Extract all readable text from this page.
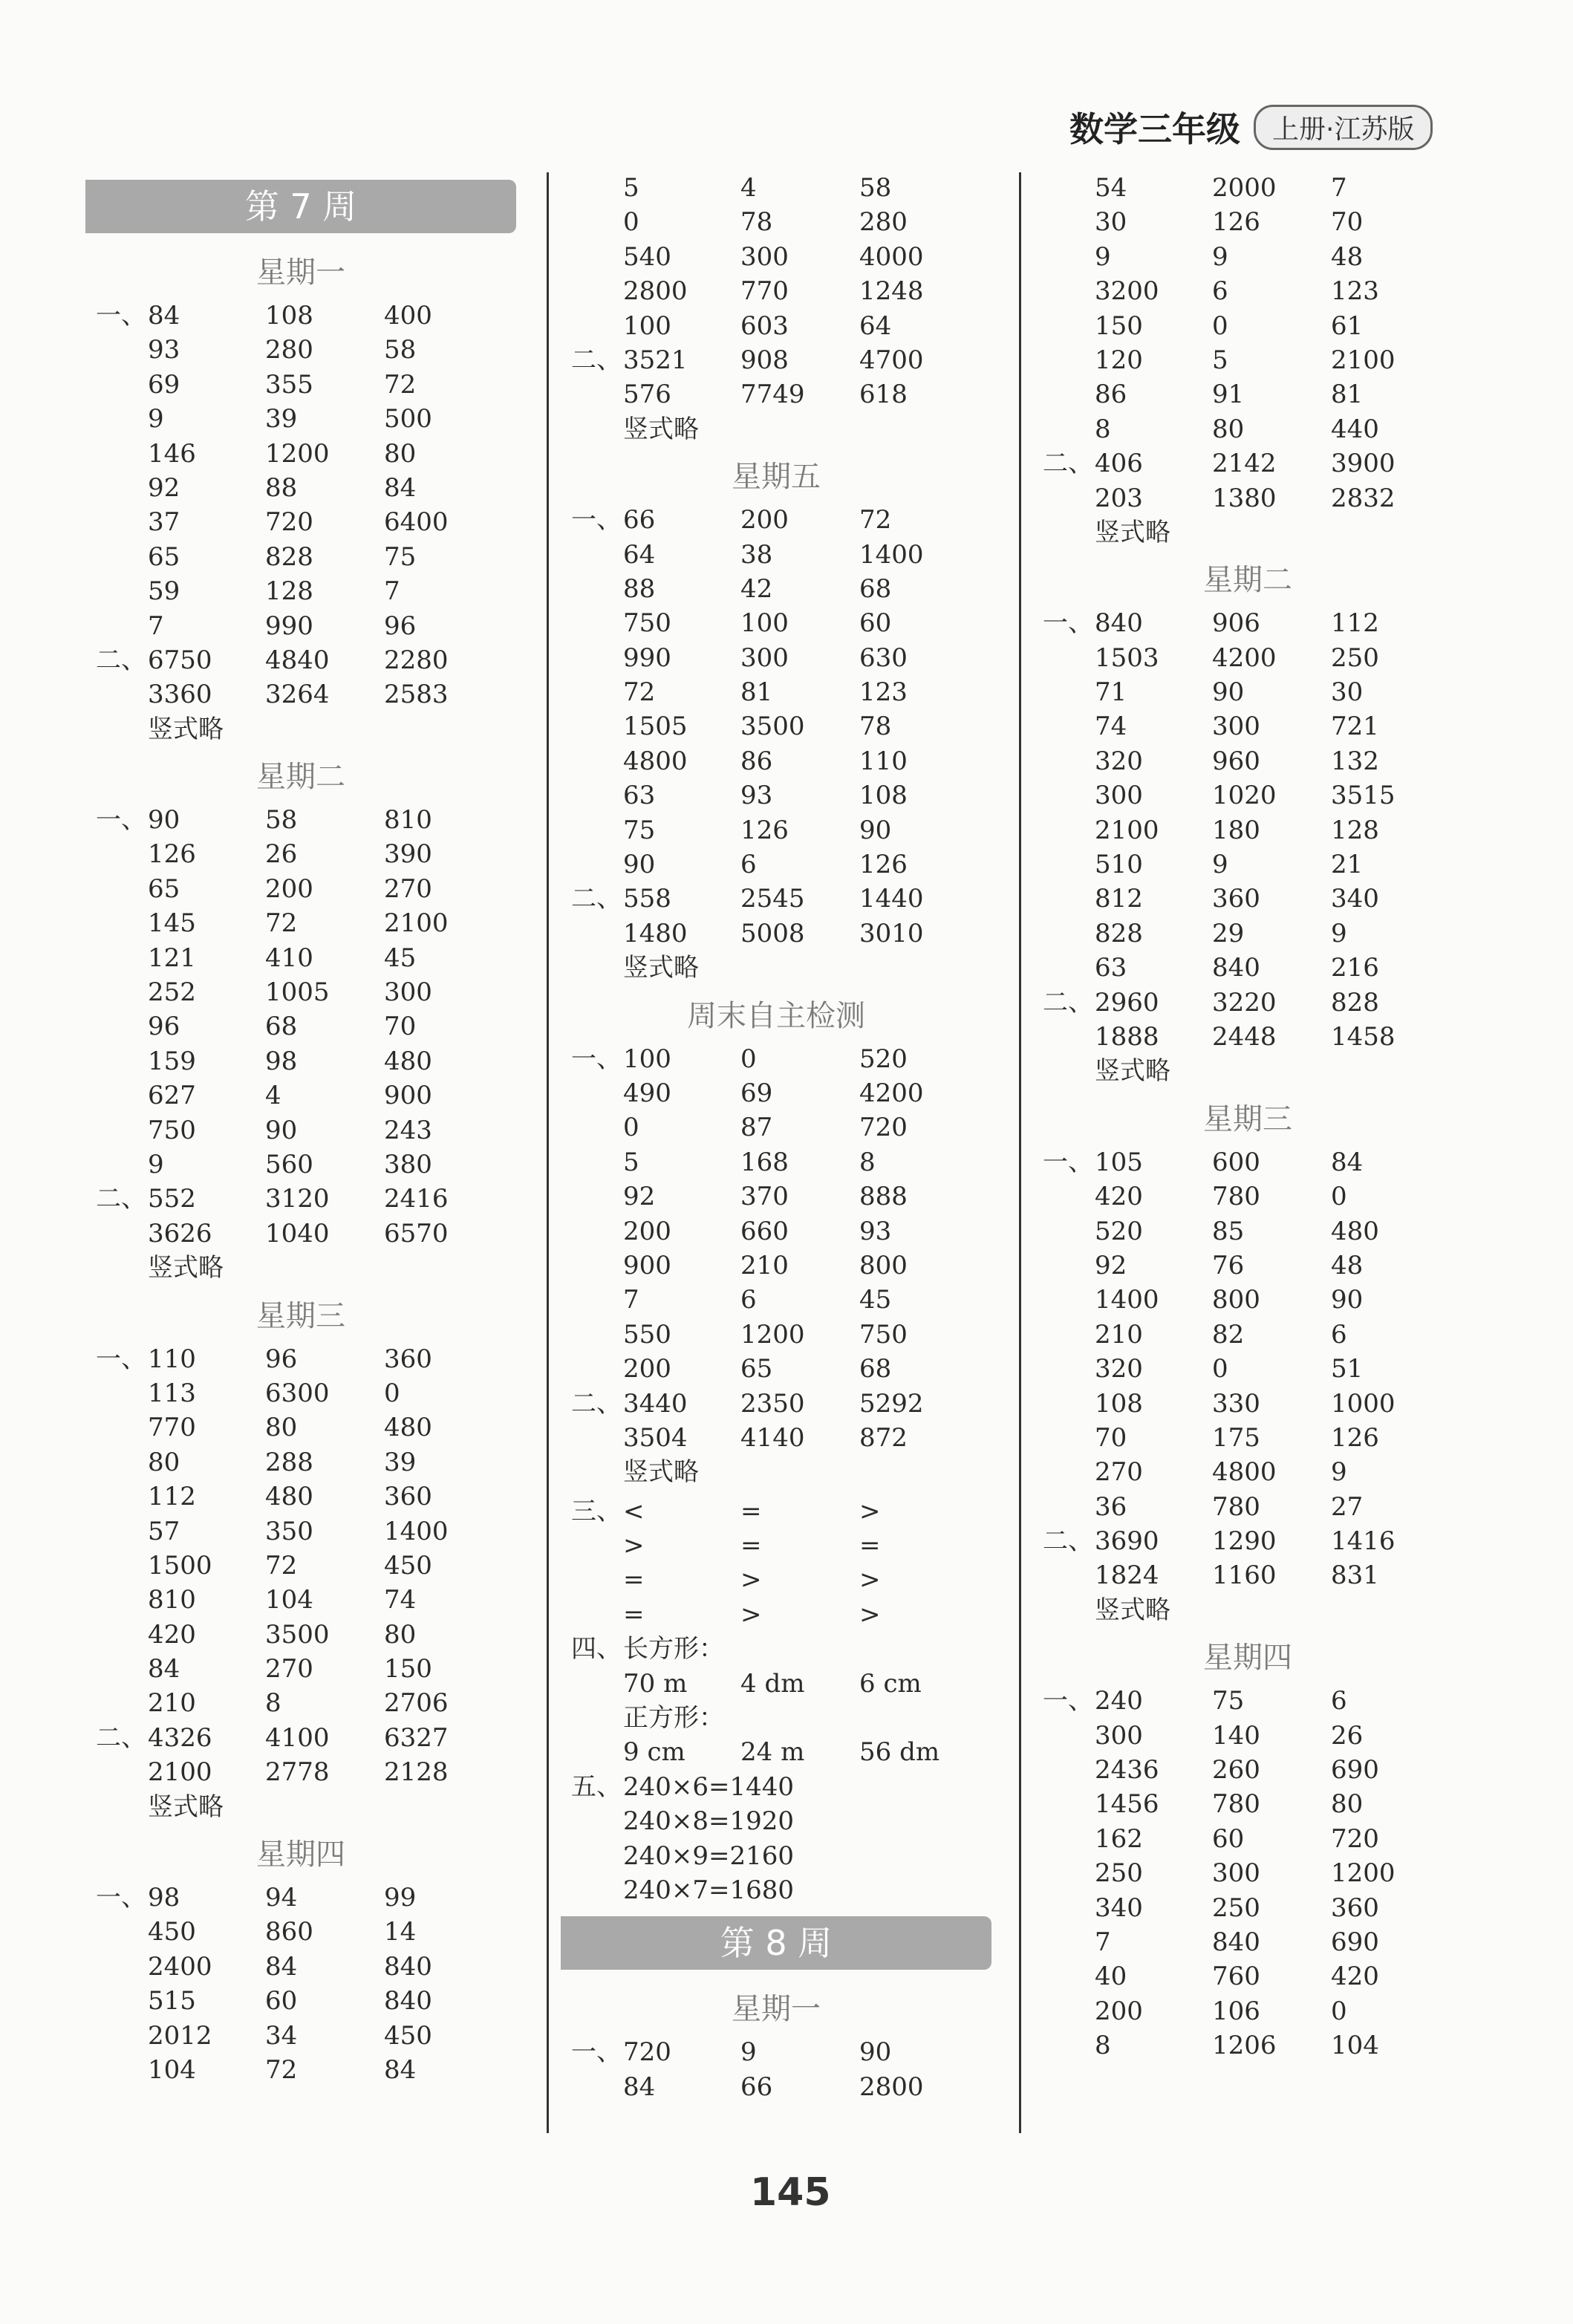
数学三年级	上册·江苏版
第 7 周
星期一
一、 84	108	400
93	280	58
69	355	72
9	39	500
146	1200	80
92	88	84
37	720	6400
65	828	75
59	128	7
7	990	96
二、 6750	4840	2280
3360	3264	2583
竖式略
星期二
一、 90	58	810
126	26	390
65	200	270
145	72	2100
121	410	45
252	1005	300
96	68	70
159	98	480
627	4	900
750	90	243
9	560	380
二、 552	3120	2416
3626	1040	6570
竖式略
星期三
一、 110	96	360
113	6300	0
770	80	480
80	288	39
112	480	360
57	350	1400
1500	72	450
810	104	74
420	3500	80
84	270	150
210	8	2706
二、 4326	4100	6327
2100	2778	2128
竖式略
星期四
一、 98	94	99
450	860	14
2400	84	840
515	60	840
2012	34	450
104	72	84
5	4	58
0	78	280
540	300	4000
2800	770	1248
100	603	64
二、 3521	908	4700
576	7749	618
竖式略
星期五
一、 66	200	72
64	38	1400
88	42	68
750	100	60
990	300	630
72	81	123
1505	3500	78
4800	86	110
63	93	108
75	126	90
90	6	126
二、 558	2545	1440
1480	5008	3010
竖式略
周末自主检测
一、 100	0	520
490	69	4200
0	87	720
5	168	8
92	370	888
200	660	93
900	210	800
7	6	45
550	1200	750
200	65	68
二、 3440	2350	5292
3504	4140	872
竖式略
三、 <	=	>
>	=	=
=	>	>
=	>	>
四、 长方形：
70 m	4 dm	6 cm
正方形：
9 cm	24 m	56 dm
五、 240×6=1440
240×8=1920
240×9=2160
240×7=1680
第 8 周
星期一
一、 720	9	90
84	66	2800
54	2000	7
30	126	70
9	9	48
3200	6	123
150	0	61
120	5	2100
86	91	81
8	80	440
二、 406	2142	3900
203	1380	2832
竖式略
星期二
一、 840	906	112
1503	4200	250
71	90	30
74	300	721
320	960	132
300	1020	3515
2100	180	128
510	9	21
812	360	340
828	29	9
63	840	216
二、 2960	3220	828
1888	2448	1458
竖式略
星期三
一、 105	600	84
420	780	0
520	85	480
92	76	48
1400	800	90
210	82	6
320	0	51
108	330	1000
70	175	126
270	4800	9
36	780	27
二、 3690	1290	1416
1824	1160	831
竖式略
星期四
一、 240	75	6
300	140	26
2436	260	690
1456	780	80
162	60	720
250	300	1200
340	250	360
7	840	690
40	760	420
200	106	0
8	1206	104
145
